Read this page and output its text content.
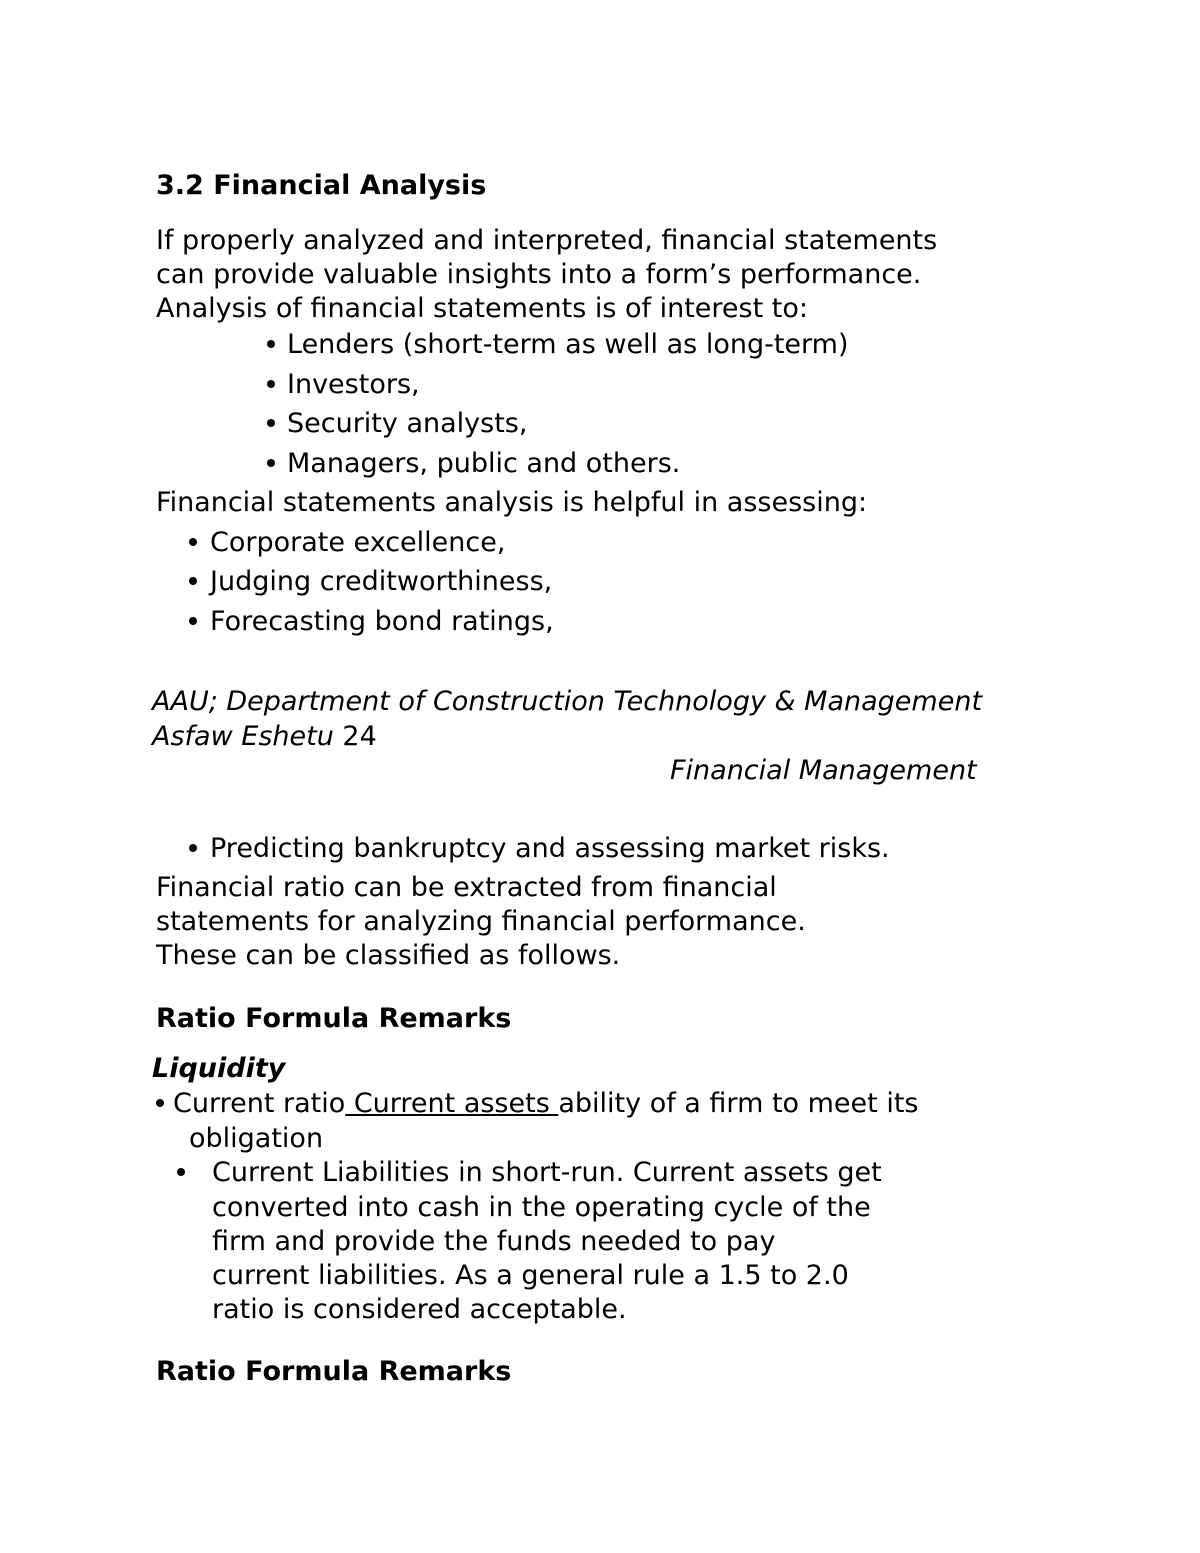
3.2 Financial Analysis
If properly analyzed and interpreted, financial statements
can provide valuable insights into a form’s performance.
Analysis of financial statements is of interest to:
Lenders (short-term as well as long-term)
Investors,
Security analysts,
Managers, public and others.
Financial statements analysis is helpful in assessing:
Corporate excellence,
Judging creditworthiness,
Forecasting bond ratings,
AAU; Department of Construction Technology & Management
Asfaw Eshetu 24
Financial Management
Predicting bankruptcy and assessing market risks.
Financial ratio can be extracted from financial
statements for analyzing financial performance.
These can be classified as follows.
Ratio Formula Remarks
Liquidity
Current ratio Current assets ability of a firm to meet its
obligation
Current Liabilities in short-run. Current assets get
converted into cash in the operating cycle of the
firm and provide the funds needed to pay
current liabilities. As a general rule a 1.5 to 2.0
ratio is considered acceptable.
Ratio Formula Remarks
